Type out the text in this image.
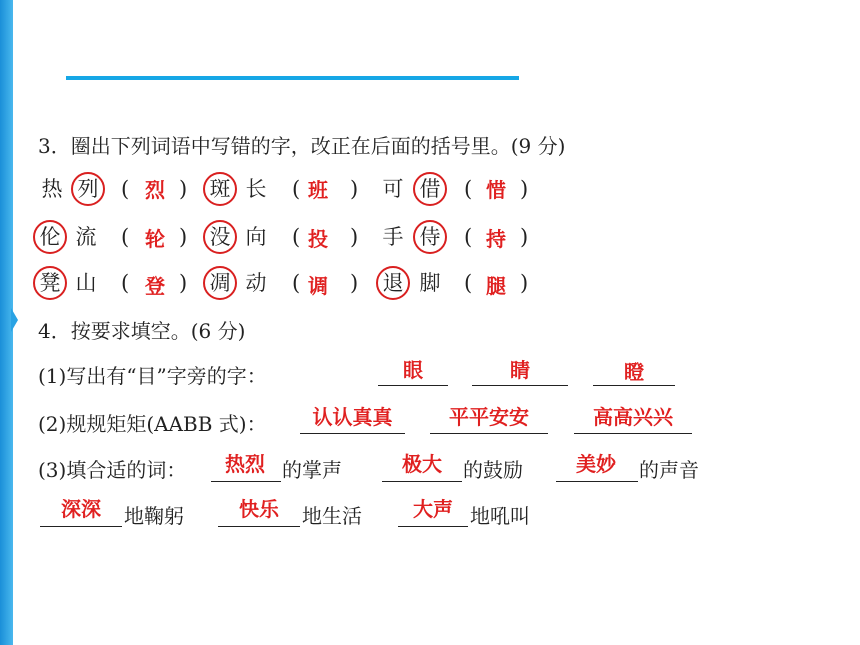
3．圈出下列词语中写错的字，改正在后面的括号里。(9 分)
热 列 ( 烈 ) 斑 长 ( 班 ) 可 借 ( 惜 )
伦 流 ( 轮 ) 没 向 ( 投 ) 手 侍 ( 持 )
凳 山 ( 登 ) 凋 动 ( 调 ) 退 脚 ( 腿 )
4．按要求填空。(6 分)
(1)写出有“目”字旁的字：	眼	睛	瞪
(2)规规矩矩(AABB 式)：	认认真真	平平安安	高高兴兴
(3)填合适的词：	热烈 的掌声	极大	的鼓励	美妙	的声音
深深	地鞠躬	快乐	地生活	大声 地吼叫
